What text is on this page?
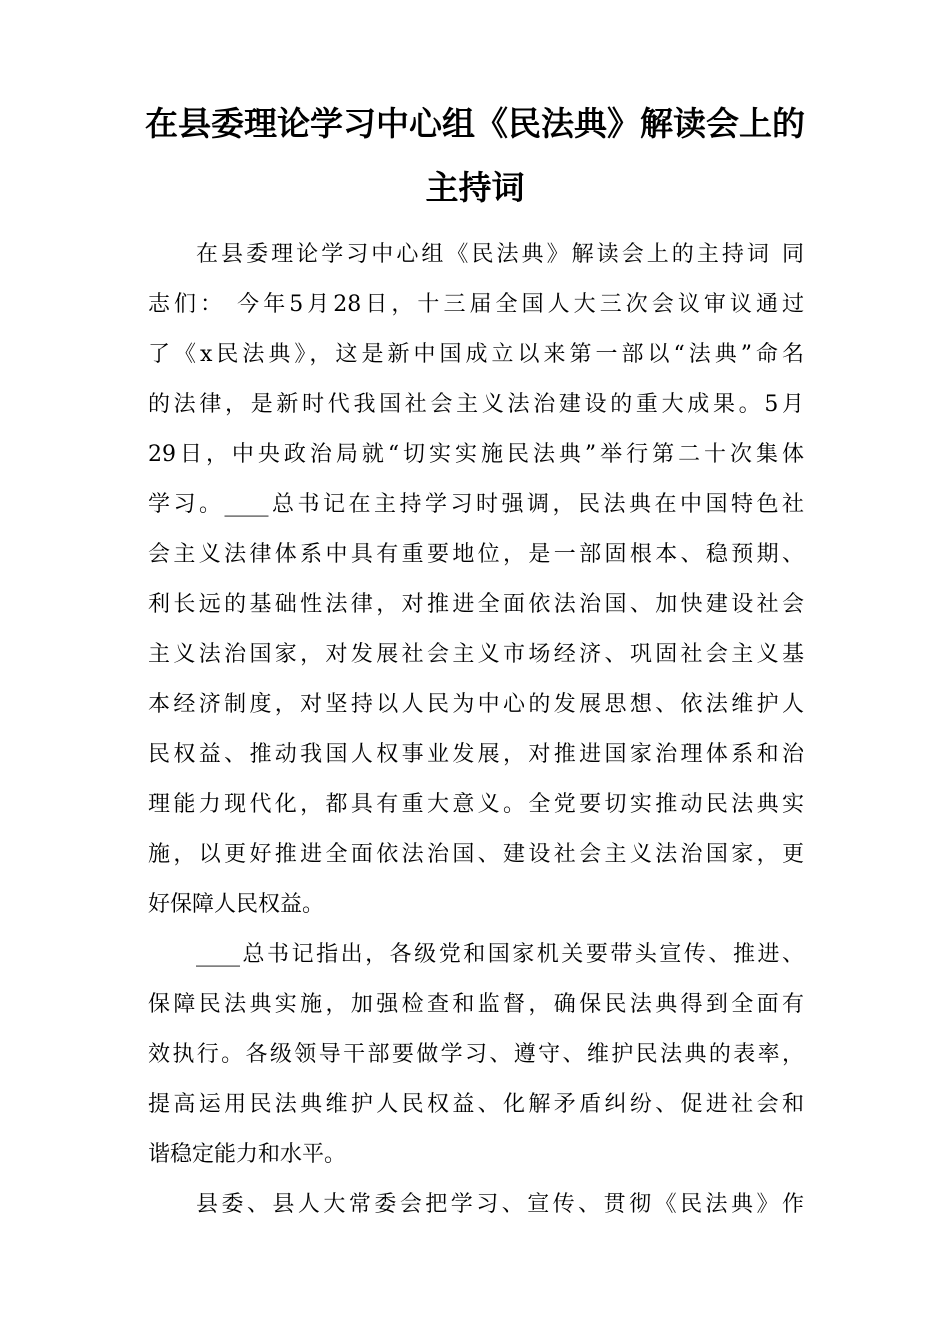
在县委理论学习中心组《民法典》解读会上的
主持词
在县委理论学习中心组《民法典》解读会上的主持词 同
志们： 今年5月28日，十三届全国人大三次会议审议通过
了《x民法典》，这是新中国成立以来第一部以“法典”命名
的法律，是新时代我国社会主义法治建设的重大成果。5月
29日，中央政治局就“切实实施民法典”举行第二十次集体
学习。____总书记在主持学习时强调，民法典在中国特色社
会主义法律体系中具有重要地位，是一部固根本、稳预期、
利长远的基础性法律，对推进全面依法治国、加快建设社会
主义法治国家，对发展社会主义市场经济、巩固社会主义基
本经济制度，对坚持以人民为中心的发展思想、依法维护人
民权益、推动我国人权事业发展，对推进国家治理体系和治
理能力现代化，都具有重大意义。全党要切实推动民法典实
施，以更好推进全面依法治国、建设社会主义法治国家，更
好保障人民权益。
____总书记指出，各级党和国家机关要带头宣传、推进、
保障民法典实施，加强检查和监督，确保民法典得到全面有
效执行。各级领导干部要做学习、遵守、维护民法典的表率，
提高运用民法典维护人民权益、化解矛盾纠纷、促进社会和
谐稳定能力和水平。
县委、县人大常委会把学习、宣传、贯彻《民法典》作
